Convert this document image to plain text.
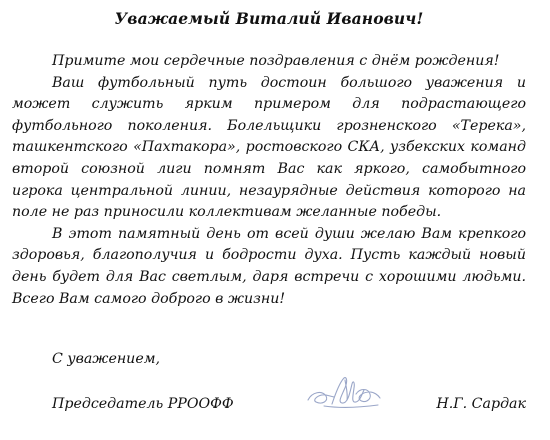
Уважаемый Виталий Иванович!

Примите мои сердечные поздравления с днём рождения!

Ваш футбольный путь достоин большого уважения и может служить ярким примером для подрастающего футбольного поколения. Болельщики грозненского «Терека», ташкентского «Пахтакора», ростовского СКА, узбекских команд второй союзной лиги помнят Вас как яркого, самобытного игрока центральной линии, незаурядные действия которого на поле не раз приносили коллективам желанные победы.

В этот памятный день от всей души желаю Вам крепкого здоровья, благополучия и бодрости духа. Пусть каждый новый день будет для Вас светлым, даря встречи с хорошими людьми. Всего Вам самого доброго в жизни!

С уважением,
Председатель РРООФФ	Н.Г. Сардак
